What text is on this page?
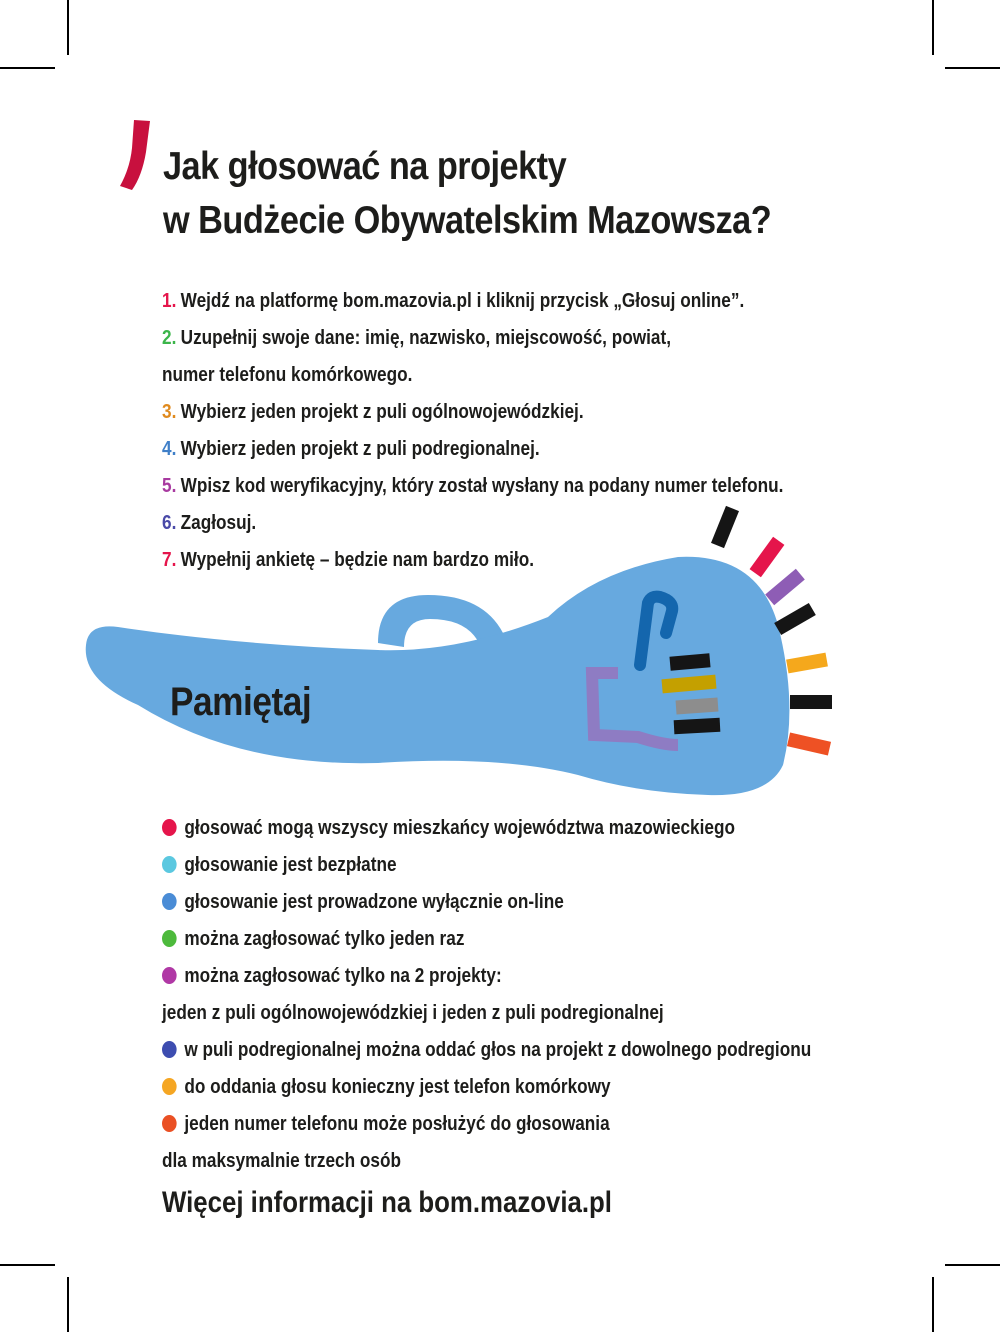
Jak głosować na projekty
w Budżecie Obywatelskim Mazowsza?
1. Wejdź na platformę bom.mazovia.pl i kliknij przycisk „Głosuj online”.
2. Uzupełnij swoje dane: imię, nazwisko, miejscowość, powiat,
numer telefonu komórkowego.
3. Wybierz jeden projekt z puli ogólnowojewódzkiej.
4. Wybierz jeden projekt z puli podregionalnej.
5. Wpisz kod weryfikacyjny, który został wysłany na podany numer telefonu.
6. Zagłosuj.
7. Wypełnij ankietę – będzie nam bardzo miło.
Pamiętaj
głosować mogą wszyscy mieszkańcy województwa mazowieckiego
głosowanie jest bezpłatne
głosowanie jest prowadzone wyłącznie on-line
można zagłosować tylko jeden raz
można zagłosować tylko na 2 projekty:
jeden z puli ogólnowojewódzkiej i jeden z puli podregionalnej
w puli podregionalnej można oddać głos na projekt z dowolnego podregionu
do oddania głosu konieczny jest telefon komórkowy
jeden numer telefonu może posłużyć do głosowania
dla maksymalnie trzech osób

Więcej informacji na bom.mazovia.pl
